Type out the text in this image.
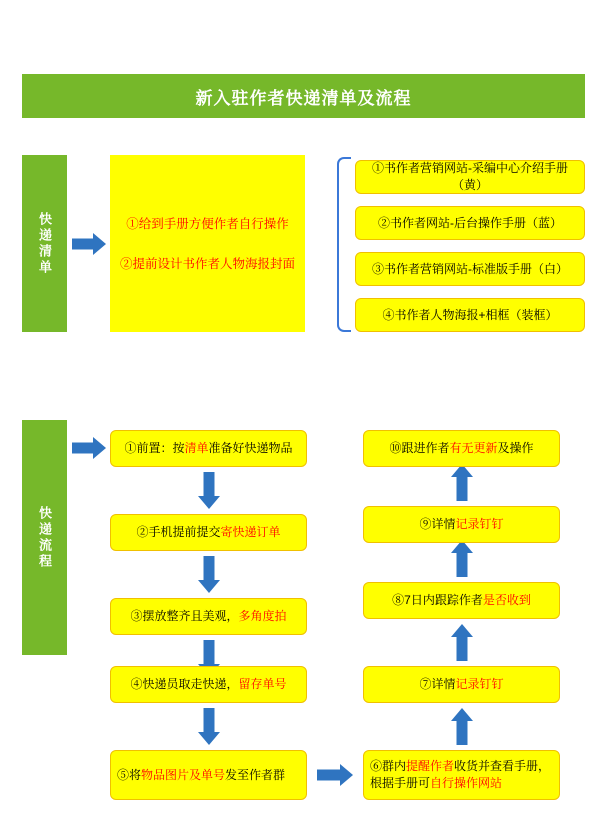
新入驻作者快递清单及流程
快递清单	①给到手册方便作者自行操作
②提前设计书作者人物海报封面
①书作者营销网站-采编中心介绍手册（黄）
②书作者网站-后台操作手册（蓝）
③书作者营销网站-标准版手册（白）
④书作者人物海报+相框（装框）
快递流程
①前置：按清单准备好快递物品
②手机提前提交寄快递订单
③摆放整齐且美观，多角度拍
④快递员取走快递，留存单号
⑤将物品图片及单号发至作者群
⑥群内提醒作者收货并查看手册，根据手册可自行操作网站
⑦详情记录钉钉
⑧7日内跟踪作者是否收到
⑨详情记录钉钉
⑩跟进作者有无更新及操作
